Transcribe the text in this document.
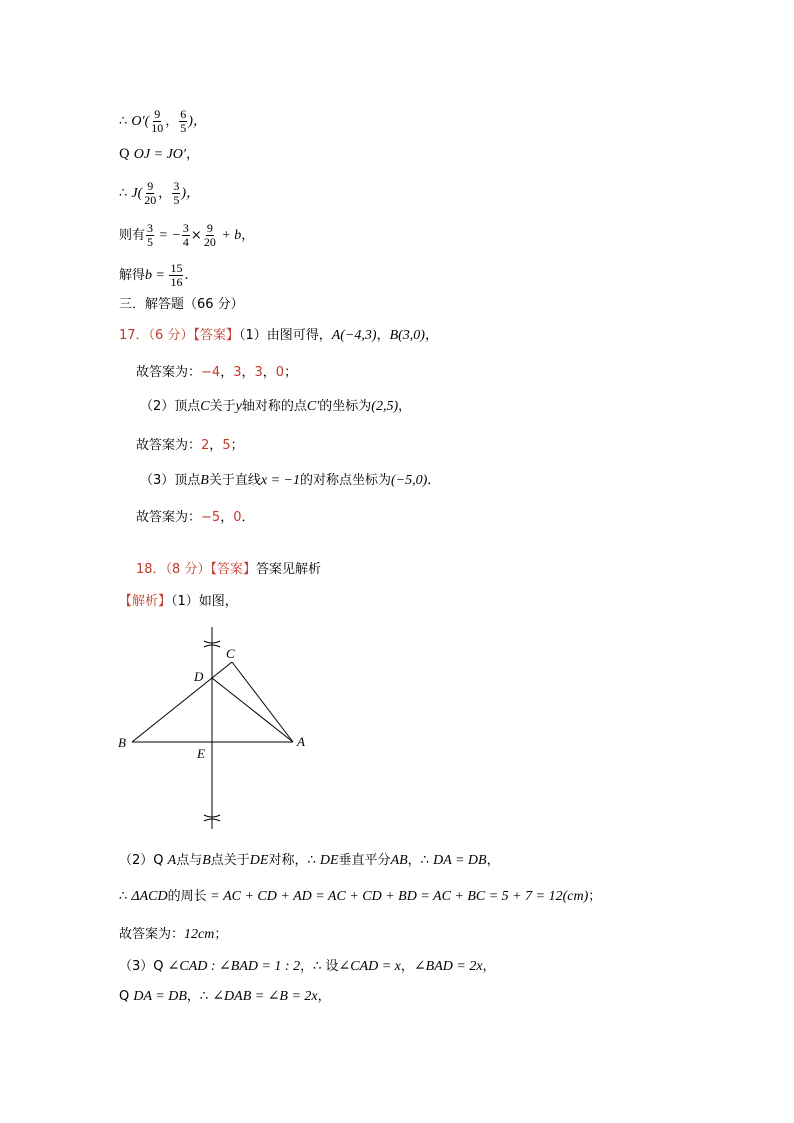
∴ $O'( \frac{9}{10}$ ， $\frac{6}{5}$ )，
Q OJ = JO′，
∴ $J( \frac{9}{20}$ ， $\frac{3}{5}$ )，
则有 $\frac{3}{5}$ = − $\frac{3}{4} \times \frac{9}{20} + b$，
解得$b = \frac{15}{16}$ .
三．解答题（66 分）
17．（6 分）【答案】（1）由图可得，A(−4,3)，B(3,0)，
故答案为：−4，3，3，0；
（2）顶点C关于y轴对称的点C′的坐标为(2,5)，
故答案为：2，5；
（3）顶点B关于直线x = −1的对称点坐标为(−5,0)．
故答案为：−5，0．
18．（8 分）【答案】答案见解析
【解析】（1）如图，
C
D
B	A
E
（2）Q A点与B点关于DE对称，∴ DE垂直平分AB，∴ DA = DB，
∴ ΔACD的周长 = AC + CD + AD = AC + CD + BD = AC + BC = 5 + 7 = 12(cm)；
故答案为：12cm；
（3）Q ∠CAD : ∠BAD = 1 : 2，∴ 设∠CAD = x，∠BAD = 2x，
Q DA = DB，∴ ∠DAB = ∠B = 2x，
